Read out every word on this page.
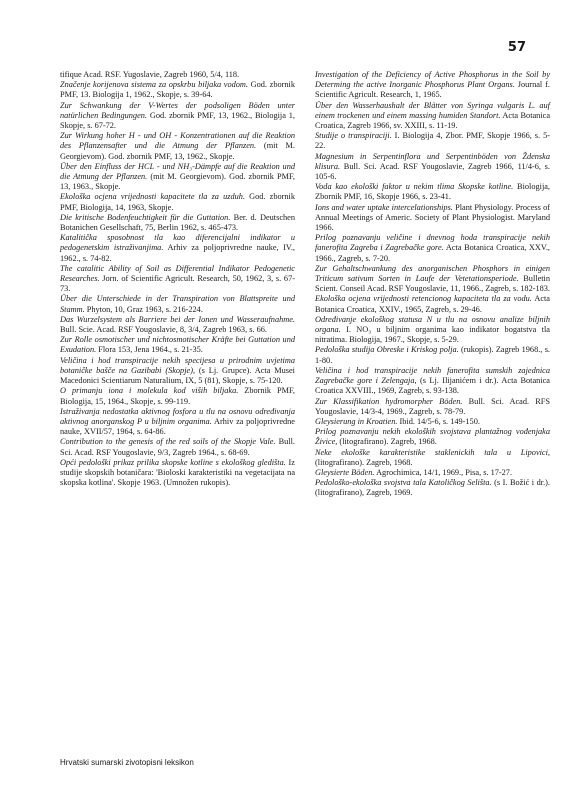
57

tifique Acad. RSF. Yugoslavie, Zagreb 1960, 5/4, 118.

Značenje korijenova sistema za opskrbu biljaka vodom. God. zbornik PMF, 13. Biologija 1, 1962., Skopje, s. 39-64.

Zur Schwankung der V-Wertes der podsoligen Böden unter natürlichen Bedingungen. God. zbornik PMF, 13, 1962., Biologija 1, Skopje, s. 67-72.

Zur Wirkung hoher H - und OH - Konzentrationen auf die Reaktion des Pflanzensafter und die Atmung der Pflanzen. (mit M. Georgievom). God. zbornik PMF, 13, 1962., Skopje.

Über den Einfluss der HCL - und NH₃-Dämpfe auf die Reaktion und die Atmung der Pflanzen. (mit M. Georgievom). God. zbornik PMF, 13, 1963., Skopje.

Ekološka ocjena vrijednosti kapacitete tla za uzduh. God. zbornik PMF, Biologija, 14, 1963, Skopje.

Die kritische Bodenfeuchtigkeit für die Guttation. Ber. d. Deutschen Botanichen Gesellschaft, 75, Berlin 1962, s. 465-473.

Katalitička sposobnost tla kao diferencijalni indikator u pedogenetskim istraživanjima. Arhiv za poljoprivredne nauke, IV., 1962., s. 74-82.

The catalitic Ability of Soil as Differential Indikator Pedogenetic Researches. Jorn. of Scientific Agricult. Research, 50, 1962, 3, s. 67-73.

Über die Unterschiede in der Transpiration von Blattspreite und Stamm. Phyton, 10, Graz 1963, s. 216-224.

Das Wurzelsystem als Barriere bei der Ionen und Wasseraufnahme. Bull. Scie. Acad. RSF Yougoslavie, 8, 3/4, Zagreb 1963, s. 66.

Zur Rolle osmotischer und nichtosmotischer Kräfte bei Guttation und Exudation. Flora 153, Jena 1964., s. 21-35.

Veličina i hod transpiracije nekih specijesa u prirodnim uvjetima botaničke bašče na Gazibabi (Skopje), (s Lj. Grupce). Acta Musei Macedonici Scientiarum Naturalium, IX, 5 (81), Skopje, s. 75-120.

O primanju iona i molekula kod viših biljaka. Zbornik PMF, Biologija, 15, 1964., Skopje, s. 99-119.

Istraživanja nedostatka aktivnog fosfora u tlu na osnovu određivanja aktivnog anorganskog P u biljnim organima. Arhiv za poljoprivredne nauke, XVII/57, 1964, s. 64-86.

Contribution to the genesis of the red soils of the Skopje Vale. Bull. Sci. Acad. RSF Yougoslavie, 9/3, Zagreb 1964., s. 68-69.

Opći pedološki prikaz prilika skopske kotline s ekološkog gledišta. Iz studije skopskih botaničara: 'Bioloski karakteristiki na vegetacijata na skopska kotlina'. Skopje 1963. (Umnožen rukopis).

Investigation of the Deficiency of Active Phosphorus in the Soil by Determing the active Inorganic Phosphorus Plant Organs. Journal f. Scientific Agricult. Research, 1, 1965.

Über den Wasserhaushalt der Blätter von Syringa vulgaris L. auf einem trockenen und einem massing humiden Standort. Acta Botanica Croatica, Zagreb 1966, sv. XXIII, s. 11-19.

Studije o transpiraciji. I. Biologija 4, Zbor. PMF, Skopje 1966, s. 5-22.

Magnesium in Serpentinflora und Serpentinböden von Ždenska klisura. Bull. Sci. Acad. RSF Yougoslavie, Zagreb 1966, 11/4-6, s. 105-6.

Voda kao ekološki faktor u nekim tlima Skopske kotline. Biologija, Zbornik PMF, 16, Skopje 1966, s. 23-41.

Ions and water uptake intercelationships. Plant Physiology. Process of Annual Meetings of Americ. Society of Plant Physiologist. Maryland 1966.

Prilog poznavanju veličine i dnevnog hoda transpiracije nekih fanerofita Zagreba i Zagrebačke gore. Acta Botanica Croatica, XXV., 1966., Zagreb, s. 7-20.

Zur Gehaltschwankung des anorganischen Phosphors in einigen Triticum sativum Sorten in Laufe der Vetetationsperiode. Bulletin Scient. Conseil Acad. RSF Yougoslavie, 11, 1966., Zagreb, s. 182-183.

Ekološka ocjena vrijednosti retencionog kapaciteta tla za vodu. Acta Botanica Croatica, XXIV., 1965, Zagreb, s. 29-46.

Određivanje ekološkog statusa N u tlu na osnovu analize biljnih organa. I. NO₃ u biljnim organima kao indikator bogatstva tla nitratima. Biologija, 1967., Skopje, s. 5-29.

Pedološka studija Obreske i Kriskog polja. (rukopis). Zagreb 1968., s. 1-80.

Veličina i hod transpiracije nekih fanerofita sumskih zajednica Zagrebačke gore i Zelengaja, (s Lj. Ilijanićem i dr.). Acta Botanica Croatica XXVIII., 1969, Zagreb, s. 93-138.

Zur Klassifikation hydromorpher Böden. Bull. Sci. Acad. RFS Yougoslavie, 14/3-4, 1969., Zagreb, s. 78-79.

Gleysierung in Kroatien. Ibid. 14/5-6, s. 149-150.

Prilog poznavanju nekih ekoloških svojstava plantažnog vođenjaka Živice, (litografirano). Zagreb, 1968.

Neke ekološke karakteristike staklenickih tala u Lipovici, (litografirano). Zagreb, 1968.

Gleysierte Böden. Agrochimica, 14/1, 1969., Pisa, s. 17-27.

Pedološko-ekološka svojstva tala Katoličkog Selišta. (s I. Božić i dr.). (litografirano), Zagreb, 1969.

Hrvatski sumarski zivotopisni leksikon
